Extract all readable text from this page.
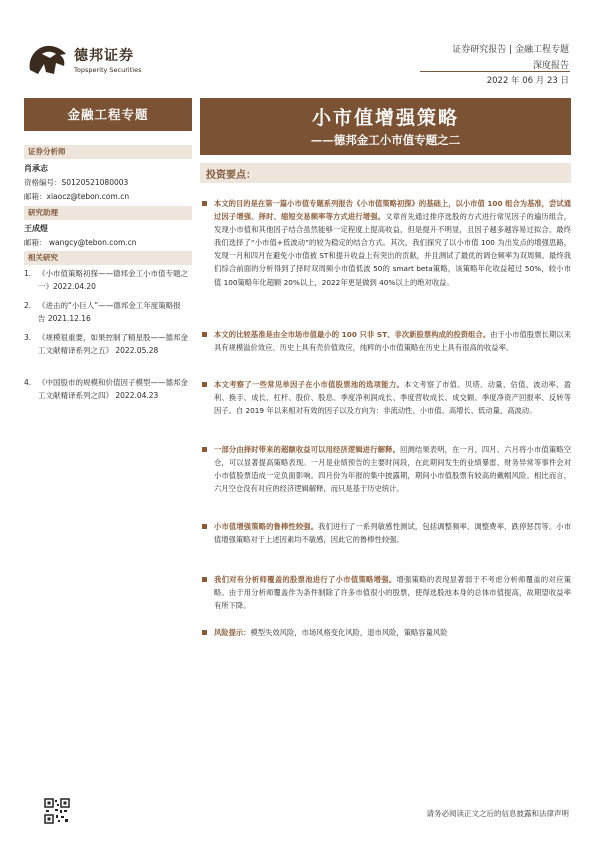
德邦证券
Topsperity Securities
证券研究报告 | 金融工程专题
深度报告
2022 年 06 月 23 日
金融工程专题
证券分析师
肖承志
资格编号：S0120521080003
邮箱：xiaocz@tebon.com.cn
研究助理
王成煜
邮箱： wangcy@tebon.com.cn
相关研究
1. 《小市值策略初探——德邦金工小市值专题之一》2022.04.20
2. 《进击的“小巨人”——德邦金工年度策略报告 2021.12.16
3. 《规模很重要，如果控制了精星股——德邦金工文献精译系列之五》 2022.05.28
4. 《中国股市的规模和价值因子模型——德邦金工文献精译系列之四》 2022.04.23
小市值增强策略
——德邦金工小市值专题之二
投资要点：

本文的目的是在第一篇小市值专题系列报告《小市值策略初探》的基础上，以小市值 100 组合为基准，尝试通过因子增强、择时、缩短交易频率等方式进行增强。文章首先通过排序选股的方式进行常见因子的遍历组合，发现小市值和其他因子结合虽然能够一定程度上提高收益，但是提升不明显，且因子越多越容易过拟合。最终我们选择了“小市值+低波动”的较为稳定的结合方式。其次，我们探究了以小市值 100 为出发点的增强思路，发现一月和四月在避免小市值被 ST和提升收益上有突出的贡献，并且测试了最优的调仓频率为双周频。最终我们综合前面的分析得到了择时双周频小市值低波 50的 smart beta策略，该策略年化收益超过 50%，较小市值 100策略年化超额 20%以上，2022年更是做到 40%以上的绝对收益。

本文的比较基准是由全市场市值最小的 100 只非 ST、非次新股票构成的投资组合。由于小市值股票长期以来具有规模溢价效应、历史上具有壳价值效应，纯粹的小市值策略在历史上具有很高的收益率。

本文考察了一些常见单因子在小市值股票池的选项能力。本文考察了市值、贝塔、动量、估值、波动率、盈利、换手、成长、杠杆、股价、股息、季度净利润成长、季度营收成长、成交额、季度净资产回报率、反转等因子。自 2019 年以来相对有效的因子以及方向为：非流动性、小市值、高增长、低动量、高波动。

一部分由择时带来的超额收益可以用经济逻辑进行解释。回测结果表明，在一月、四月、六月将小市值策略空仓，可以显著提高策略表现。一月是业绩预告的主要时间段，在此期间发生的业绩暴雷、财务异常等事件会对小市值股票造成一定负面影响。四月份为年报的集中披露期，期间小市值股票有较高的戴帽风险。相比而言，六月空仓没有对应的经济逻辑解释，而只是基于历史统计。

小市值增强策略的鲁棒性较强。我们进行了一系列敏感性测试，包括调整频率、调整费率、跌停惩罚等。小市值增强策略对于上述因素均不敏感，因此它的鲁棒性较强。

我们对有分析师覆盖的股票池进行了小市值策略增强。增强策略的表现显著弱于不考虑分析师覆盖的对应策略。由于用分析师覆盖作为条件制除了许多市值很小的股票，使得选股池本身的总体市值提高，故期望收益率有所下降。

风险提示：模型失效风险，市场风格变化风险，退市风险，策略容量风险

请务必阅读正文之后的信息披露和法律声明
